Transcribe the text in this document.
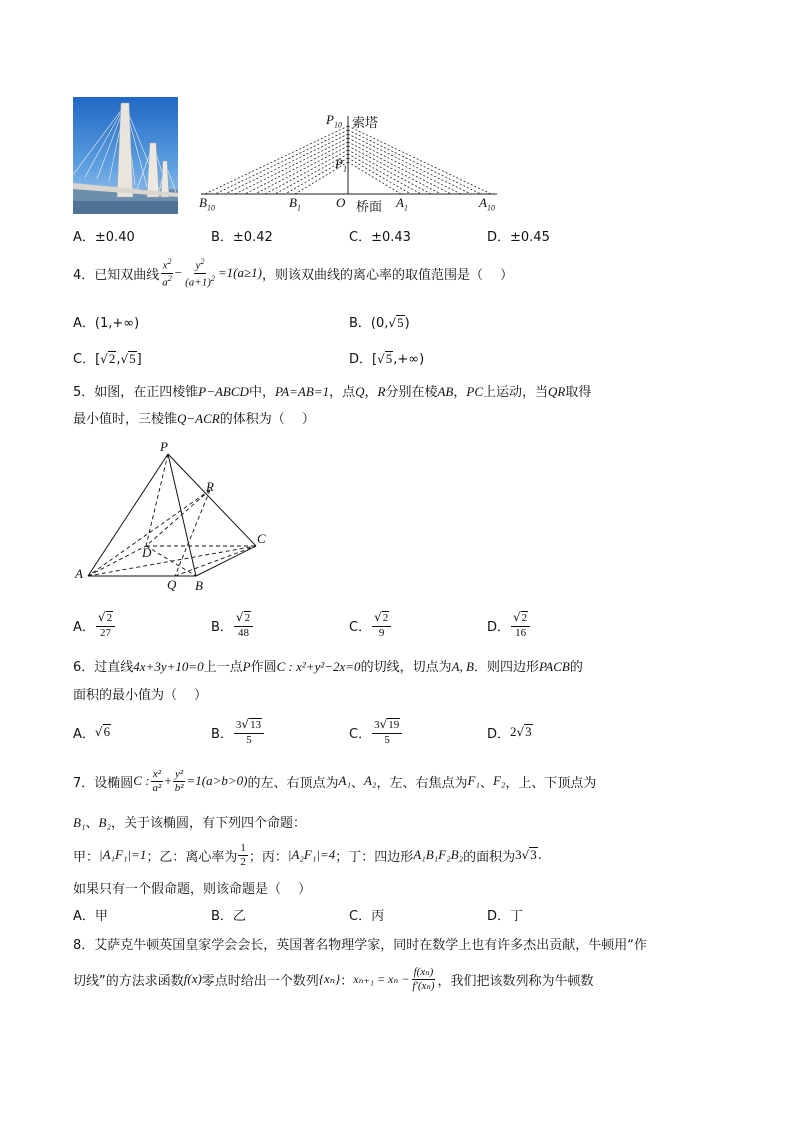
$P_{10}$ 索塔
$P_1$
$B_{10}$	$B_1$	O 桥面 $A_1$	$A_{10}$
A．±0.40	B．±0.42	C．±0.43	D．±0.45
4．已知双曲线 $\frac{x^2}{a^2} - \frac{y^2}{(a+1)^2} =1(a\ge 1)$ ，则该双曲线的离心率的取值范围是（　 ）
A．(1,+∞)	B．(0,√5)
C．[√2,√5]	D．[√5,+∞)
5．如图，在正四棱锥P−ABCD中，PA=AB=1，点Q，R分别在棱AB，PC上运动，当QR取得
最小值时，三棱锥Q−ACR的体积为（　 ）
P
R
C
D
A
Q B
A． $\frac{√2}{27}$	B． $\frac{√2}{48}$	C． $\frac{√2}{9}$	D． $\frac{√2}{16}$
6．过直线4x+3y+10=0上一点P作圆C : x²+y²−2x=0的切线，切点为A, B．则四边形PACB的
面积的最小值为（　 ）
A． √ 6	B． $\frac{3√13}{5}$	C． $\frac{3√19}{5}$	D． 2 √ 3
7．设椭圆 C : $\frac{\text{x²}}{\text{a²}} + \frac{\text{y²}}{\text{b²}} =1(a>b>0)$ 的左、右顶点为 A₁ 、 A₂ ，左、右焦点为 F₁ 、 F₂ ，上、下顶点为
B₁、B₂，关于该椭圆，有下列四个命题：
甲： |A₁F₁|=1 ；乙：离心率为 $\frac{1}{2}$ ；丙： |A₂F₁|=4 ；丁：四边形 A₁B₁F₂B₂ 的面积为 3 √ 3 .
如果只有一个假命题，则该命题是（　 ）
A．甲	B．乙	C．丙	D．丁
8．艾萨克牛顿英国皇家学会会长，英国著名物理学家，同时在数学上也有许多杰出贡献，牛顿用“作
切线”的方法求函数 f(x) 零点时给出一个数列 {xₙ} ： $x_{n+1} = x_n - \frac{\text{f(xₙ)}}{\text{f′(xₙ)}}$ ，我们把该数列称为牛顿数
